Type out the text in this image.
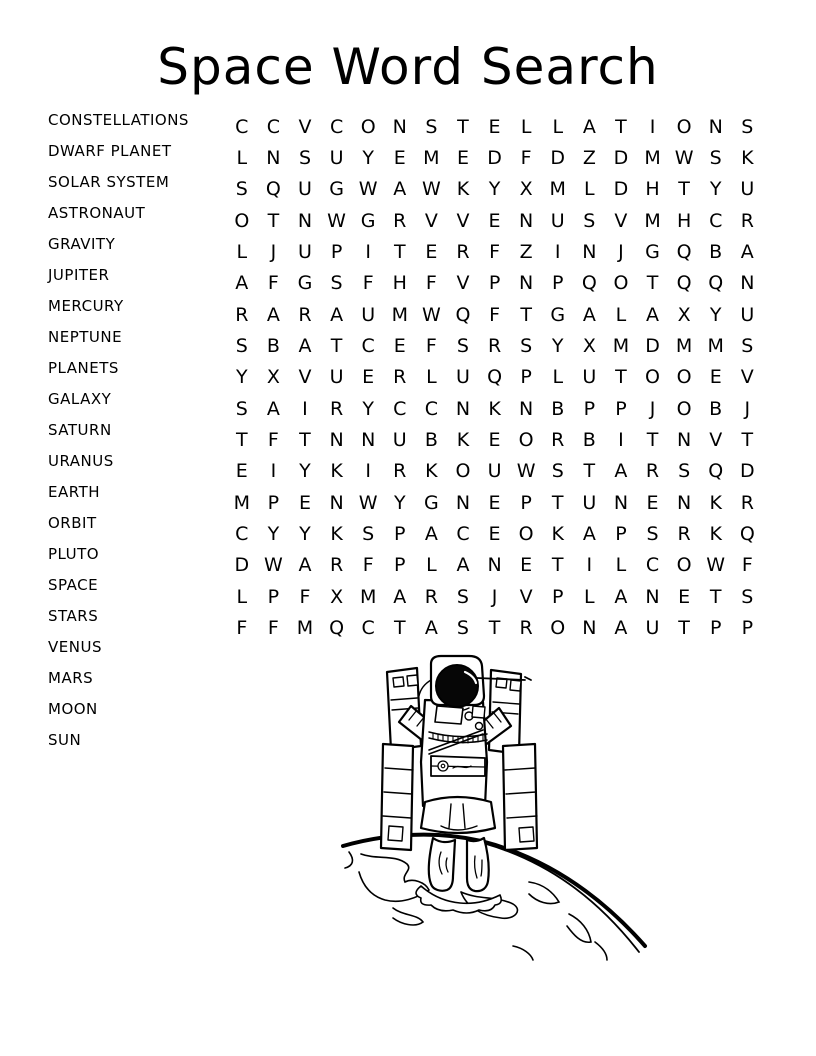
Space Word Search
CONSTELLATIONS
DWARF PLANET
SOLAR SYSTEM
ASTRONAUT
GRAVITY
JUPITER
MERCURY
NEPTUNE
PLANETS
GALAXY
SATURN
URANUS
EARTH
ORBIT
PLUTO
SPACE
STARS
VENUS
MARS
MOON
SUN
C C V C O N S	T	E	L	L	A	T	I	O N S
L	N S U Y	E M E D F D Z D M W S	K
S Q U G W A W K	Y	X M L D H T	Y U
O T N W G R V V	E N U S	V M H C R
L	J	U P	I	T	E R	F	Z	I	N	J	G Q B A
A	F G S	F H F	V	P N P Q O T Q Q N
R A R A U M W Q F	T G A	L	A X	Y U
S	B A	T	C E	F	S R S	Y	X M D M M S
Y	X V U E R	L	U Q P	L	U T O O E	V
S	A	I	R	Y	C C N K N B	P	P	J	O B	J
T	F	T N N U B K	E O R B	I	T N V	T
E	I	Y	K	I	R K O U W S	T	A R S Q D
M P	E N W Y G N E	P	T U N E N K R
C	Y	Y	K	S	P	A C E O K A	P	S R K Q
D W A R	F	P	L	A N E	T	I	L	C O W F
L	P	F	X M A R S	J	V	P	L	A N E	T	S
F	F M Q C	T	A	S	T	R O N A U T	P	P
